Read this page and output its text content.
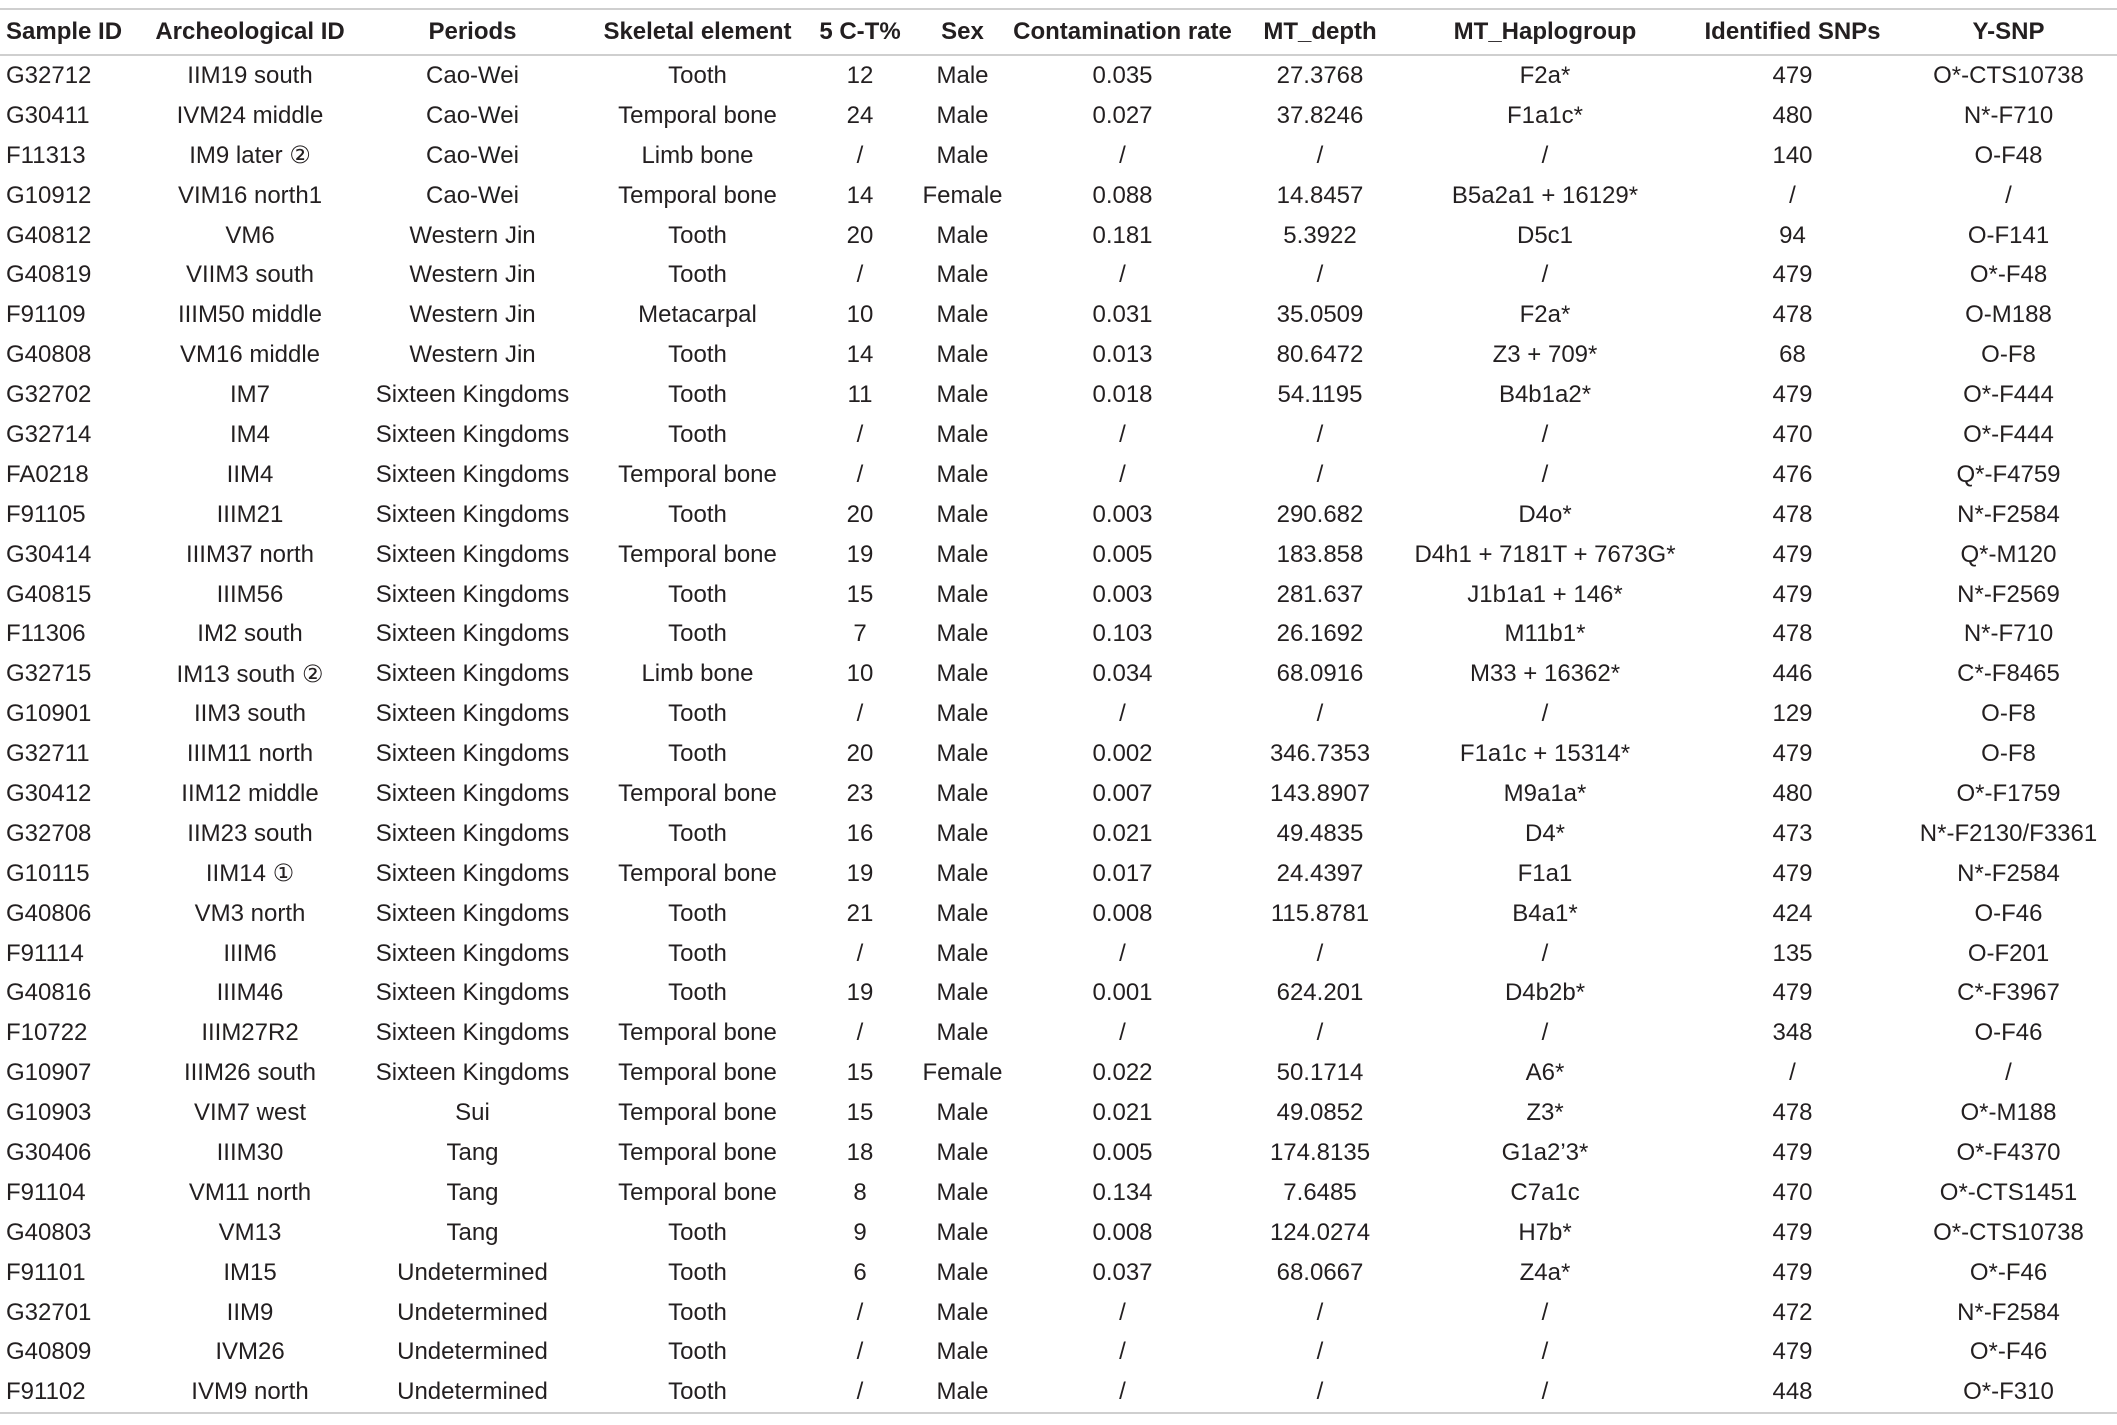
Sample ID	Archeological ID	Periods	Skeletal element	5 C-T%	Sex	Contamination rate	MT_depth	MT_Haplogroup	Identified SNPs	Y-SNP
G32712	IIM19 south	Cao-Wei	Tooth	12	Male	0.035	27.3768	F2a*	479	O*-CTS10738
G30411	IVM24 middle	Cao-Wei	Temporal bone	24	Male	0.027	37.8246	F1a1c*	480	N*-F710
F11313	IM9 later ②	Cao-Wei	Limb bone	/	Male	/	/	/	140	O-F48
G10912	VIM16 north1	Cao-Wei	Temporal bone	14	Female	0.088	14.8457	B5a2a1 + 16129*	/	/
G40812	VM6	Western Jin	Tooth	20	Male	0.181	5.3922	D5c1	94	O-F141
G40819	VIIM3 south	Western Jin	Tooth	/	Male	/	/	/	479	O*-F48
F91109	IIIM50 middle	Western Jin	Metacarpal	10	Male	0.031	35.0509	F2a*	478	O-M188
G40808	VM16 middle	Western Jin	Tooth	14	Male	0.013	80.6472	Z3 + 709*	68	O-F8
G32702	IM7	Sixteen Kingdoms	Tooth	11	Male	0.018	54.1195	B4b1a2*	479	O*-F444
G32714	IM4	Sixteen Kingdoms	Tooth	/	Male	/	/	/	470	O*-F444
FA0218	IIM4	Sixteen Kingdoms	Temporal bone	/	Male	/	/	/	476	Q*-F4759
F91105	IIIM21	Sixteen Kingdoms	Tooth	20	Male	0.003	290.682	D4o*	478	N*-F2584
G30414	IIIM37 north	Sixteen Kingdoms	Temporal bone	19	Male	0.005	183.858	D4h1 + 7181T + 7673G*	479	Q*-M120
G40815	IIIM56	Sixteen Kingdoms	Tooth	15	Male	0.003	281.637	J1b1a1 + 146*	479	N*-F2569
F11306	IM2 south	Sixteen Kingdoms	Tooth	7	Male	0.103	26.1692	M11b1*	478	N*-F710
G32715	IM13 south ②	Sixteen Kingdoms	Limb bone	10	Male	0.034	68.0916	M33 + 16362*	446	C*-F8465
G10901	IIM3 south	Sixteen Kingdoms	Tooth	/	Male	/	/	/	129	O-F8
G32711	IIIM11 north	Sixteen Kingdoms	Tooth	20	Male	0.002	346.7353	F1a1c + 15314*	479	O-F8
G30412	IIM12 middle	Sixteen Kingdoms	Temporal bone	23	Male	0.007	143.8907	M9a1a*	480	O*-F1759
G32708	IIM23 south	Sixteen Kingdoms	Tooth	16	Male	0.021	49.4835	D4*	473	N*-F2130/F3361
G10115	IIM14 ①	Sixteen Kingdoms	Temporal bone	19	Male	0.017	24.4397	F1a1	479	N*-F2584
G40806	VM3 north	Sixteen Kingdoms	Tooth	21	Male	0.008	115.8781	B4a1*	424	O-F46
F91114	IIIM6	Sixteen Kingdoms	Tooth	/	Male	/	/	/	135	O-F201
G40816	IIIM46	Sixteen Kingdoms	Tooth	19	Male	0.001	624.201	D4b2b*	479	C*-F3967
F10722	IIIM27R2	Sixteen Kingdoms	Temporal bone	/	Male	/	/	/	348	O-F46
G10907	IIIM26 south	Sixteen Kingdoms	Temporal bone	15	Female	0.022	50.1714	A6*	/	/
G10903	VIM7 west	Sui	Temporal bone	15	Male	0.021	49.0852	Z3*	478	O*-M188
G30406	IIIM30	Tang	Temporal bone	18	Male	0.005	174.8135	G1a2’3*	479	O*-F4370
F91104	VM11 north	Tang	Temporal bone	8	Male	0.134	7.6485	C7a1c	470	O*-CTS1451
G40803	VM13	Tang	Tooth	9	Male	0.008	124.0274	H7b*	479	O*-CTS10738
F91101	IM15	Undetermined	Tooth	6	Male	0.037	68.0667	Z4a*	479	O*-F46
G32701	IIM9	Undetermined	Tooth	/	Male	/	/	/	472	N*-F2584
G40809	IVM26	Undetermined	Tooth	/	Male	/	/	/	479	O*-F46
F91102	IVM9 north	Undetermined	Tooth	/	Male	/	/	/	448	O*-F310
